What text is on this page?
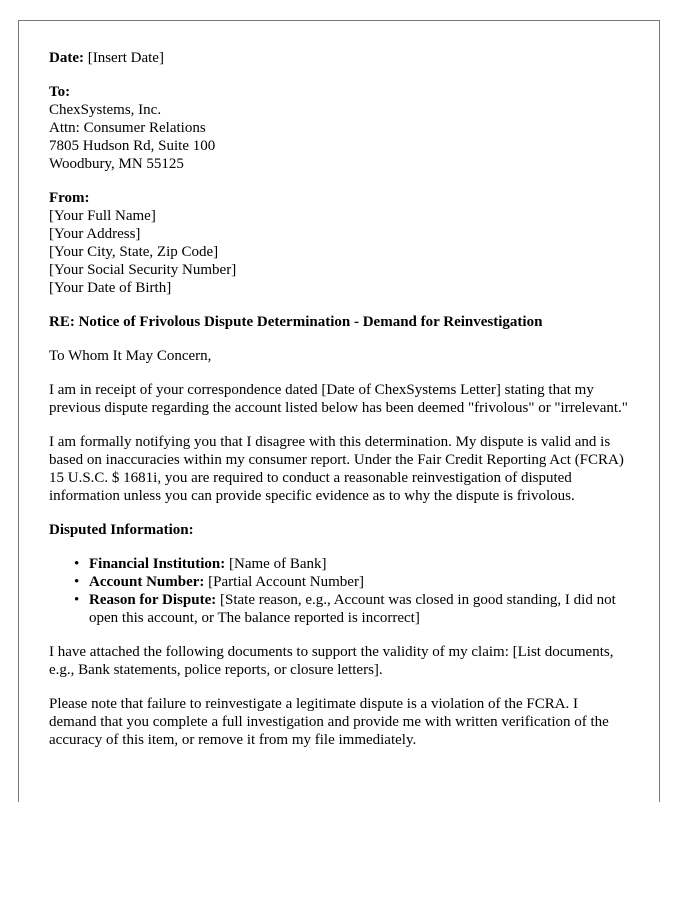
Date: [Insert Date]
To:
ChexSystems, Inc.
Attn: Consumer Relations
7805 Hudson Rd, Suite 100
Woodbury, MN 55125
From:
[Your Full Name]
[Your Address]
[Your City, State, Zip Code]
[Your Social Security Number]
[Your Date of Birth]

RE: Notice of Frivolous Dispute Determination - Demand for Reinvestigation

To Whom It May Concern,

I am in receipt of your correspondence dated [Date of ChexSystems Letter] stating that my previous dispute regarding the account listed below has been deemed "frivolous" or "irrelevant."

I am formally notifying you that I disagree with this determination. My dispute is valid and is based on inaccuracies within my consumer report. Under the Fair Credit Reporting Act (FCRA) 15 U.S.C. $ 1681i, you are required to conduct a reasonable reinvestigation of disputed information unless you can provide specific evidence as to why the dispute is frivolous.

Disputed Information:

• Financial Institution: [Name of Bank]
• Account Number: [Partial Account Number]
• Reason for Dispute: [State reason, e.g., Account was closed in good standing, I did not open this account, or The balance reported is incorrect]

I have attached the following documents to support the validity of my claim: [List documents, e.g., Bank statements, police reports, or closure letters].

Please note that failure to reinvestigate a legitimate dispute is a violation of the FCRA. I demand that you complete a full investigation and provide me with written verification of the accuracy of this item, or remove it from my file immediately.
